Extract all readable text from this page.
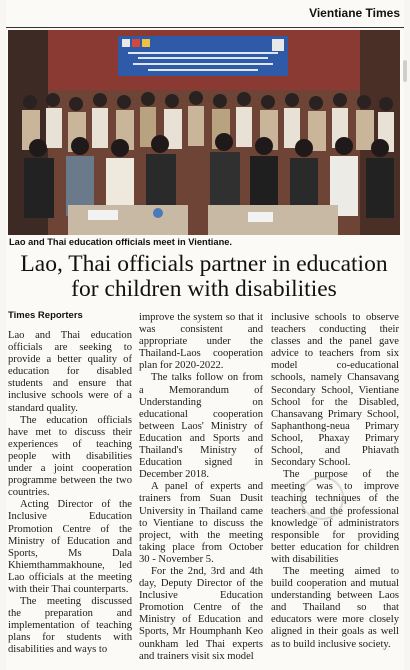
Vientiane Times
Lao and Thai education officials meet in Vientiane.
Lao, Thai officials partner in education
for children with disabilities
Times Reporters

Lao and Thai education officials are seeking to provide a better quality of education for disabled students and ensure that inclusive schools were of a standard quality.

The education officials have met to discuss their experiences of teaching people with disabilities under a joint cooperation programme between the two countries.

Acting Director of the Inclusive Education Promotion Centre of the Ministry of Education and Sports, Ms Dala Khiemthammakhoune, led Lao officials at the meeting with their Thai counterparts.

The meeting discussed the preparation and implementation of teaching plans for students with disabilities and ways to

improve the system so that it was consistent and appropriate under the Thailand-Laos cooperation plan for 2020-2022.

The talks follow on from a Memorandum of Understanding on educational cooperation between Laos' Ministry of Education and Sports and Thailand's Ministry of Education signed in December 2018.

A panel of experts and trainers from Suan Dusit University in Thailand came to Vientiane to discuss the project, with the meeting taking place from October 30 - November 5.

For the 2nd, 3rd and 4th day, Deputy Director of the Inclusive Education Promotion Centre of the Ministry of Education and Sports, Mr Houmphanh Keo ounkham led Thai experts and trainers visit six model

inclusive schools to observe teachers conducting their classes and the panel gave advice to teachers from six model co-educational schools, namely Chansavang Secondary School, Vientiane School for the Disabled, Chansavang Primary School, Saphanthong-neua Primary School, Phaxay Primary School, and Phiavath Secondary School.

The purpose of the meeting was to improve teaching techniques of the teachers and the professional knowledge of administrators responsible for providing better education for children with disabilities

The meeting aimed to build cooperation and mutual understanding between Laos and Thailand so that educators were more closely aligned in their goals as well as to build inclusive society.
